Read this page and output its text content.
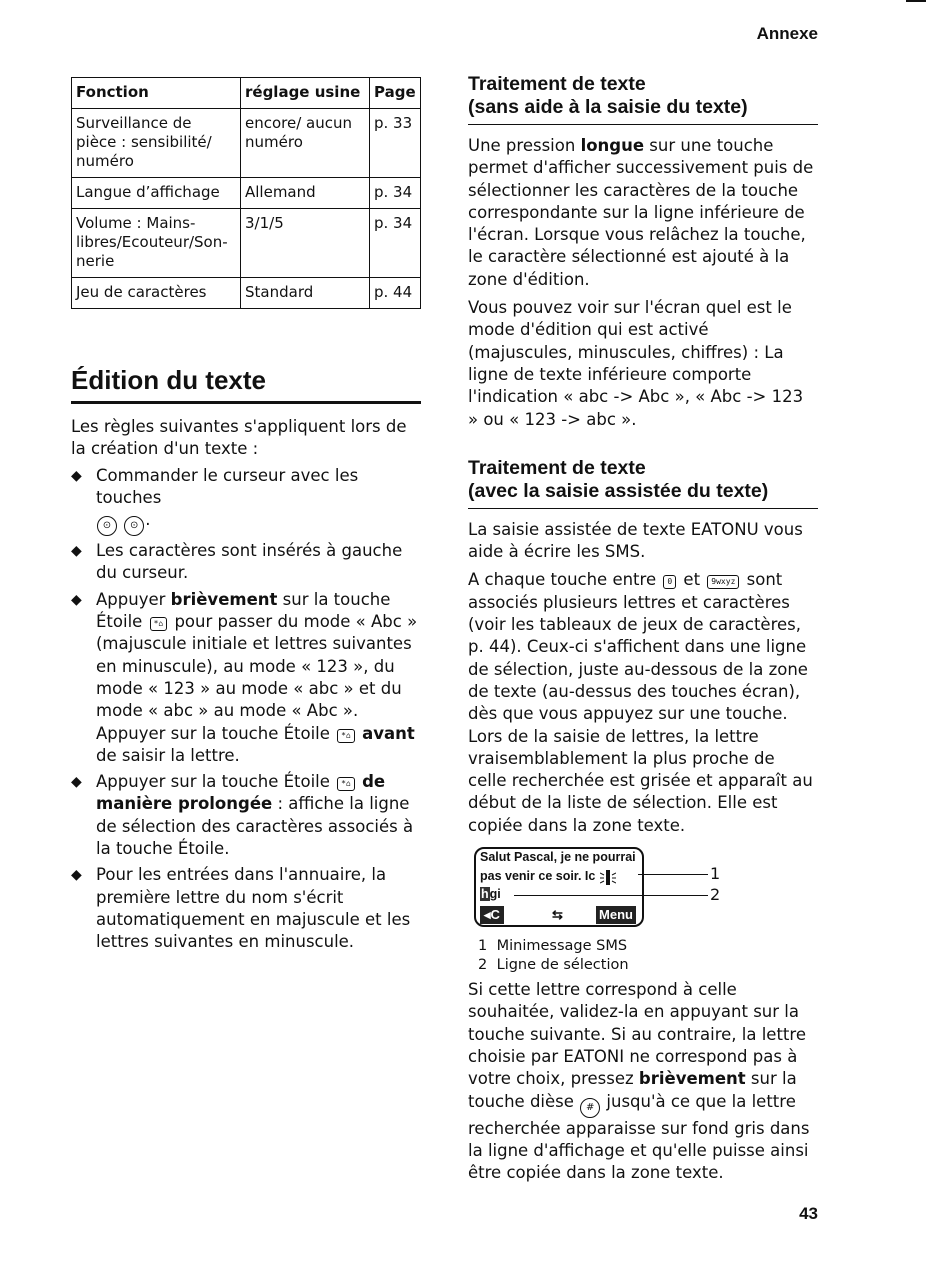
Annexe
Fonction	réglage usine	Page
Surveillance de pièce : sensibilité/ numéro	encore/ aucun numéro	p. 33
Langue d’affichage	Allemand	p. 34
Volume : Mains-libres/Ecouteur/Son-nerie	3/1/5	p. 34
Jeu de caractères	Standard	p. 44
Édition du texte

Les règles suivantes s'appliquent lors de la création d'un texte :

◆ Commander le curseur avec les touches
⊙ ⊙ .
◆ Les caractères sont insérés à gauche du curseur.
◆ Appuyer brièvement sur la touche Étoile *⌂ pour passer du mode « Abc » (majuscule initiale et lettres suivantes en minuscule), au mode « 123 », du mode « 123 » au mode « abc » et du mode « abc » au mode « Abc ». Appuyer sur la touche Étoile *⌂ avant de saisir la lettre.
◆ Appuyer sur la touche Étoile *⌂ de manière prolongée : affiche la ligne de sélection des caractères associés à la touche Étoile.
◆ Pour les entrées dans l'annuaire, la première lettre du nom s'écrit automatiquement en majuscule et les lettres suivantes en minuscule.
Traitement de texte
(sans aide à la saisie du texte)

Une pression longue sur une touche permet d'afficher successivement puis de sélectionner les caractères de la touche correspondante sur la ligne inférieure de l'écran. Lorsque vous relâchez la touche, le caractère sélectionné est ajouté à la zone d'édition.

Vous pouvez voir sur l'écran quel est le mode d'édition qui est activé (majuscules, minuscules, chiffres) : La ligne de texte inférieure comporte l'indication « abc -> Abc », « Abc -> 123 » ou « 123 -> abc ».

Traitement de texte
(avec la saisie assistée du texte)

La saisie assistée de texte EATONU vous aide à écrire les SMS.

A chaque touche entre 0 et 9wxyz sont associés plusieurs lettres et caractères (voir les tableaux de jeux de caractères, p. 44). Ceux-ci s'affichent dans une ligne de sélection, juste au-dessous de la zone de texte (au-dessus des touches écran), dès que vous appuyez sur une touche. Lors de la saisie de lettres, la lettre vraisemblablement la plus proche de celle recherchée est grisée et apparaît au début de la liste de sélection. Elle est copiée dans la zone texte.

Salut Pascal, je ne pourrai
pas venir ce soir. Ic
hgi
◂C	⇆	Menu
1
2
1 Minimessage SMS
2 Ligne de sélection

Si cette lettre correspond à celle souhaitée, validez-la en appuyant sur la touche suivante. Si au contraire, la lettre choisie par EATONI ne correspond pas à votre choix, pressez brièvement sur la touche dièse # jusqu'à ce que la lettre recherchée apparaisse sur fond gris dans la ligne d'affichage et qu'elle puisse ainsi être copiée dans la zone texte.

43
